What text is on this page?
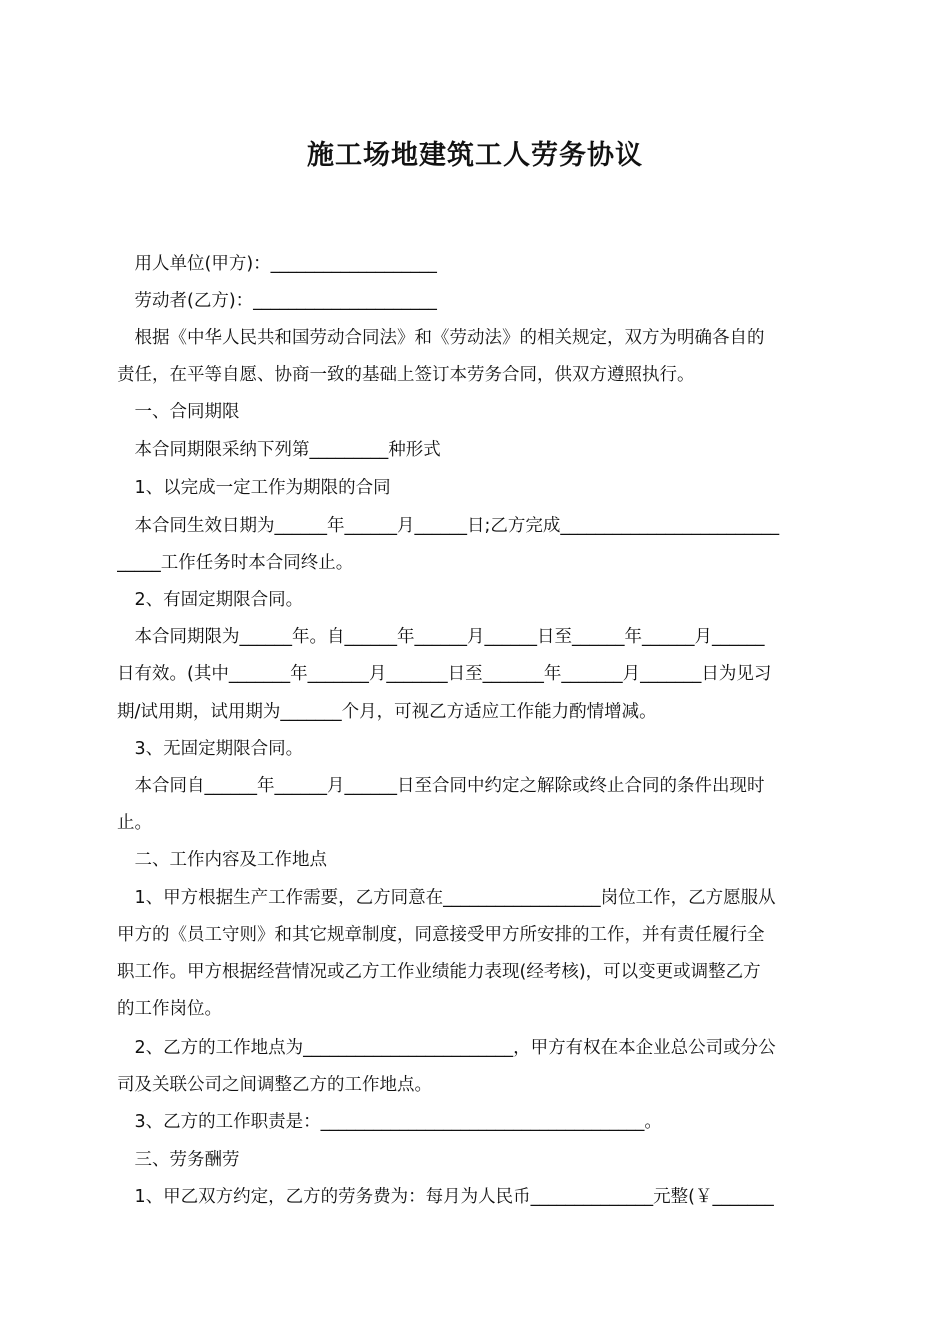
施工场地建筑工人劳务协议
　用人单位(甲方)：___________________
　劳动者(乙方)：_____________________
　根据《中华人民共和国劳动合同法》和《劳动法》的相关规定，双方为明确各自的
责任，在平等自愿、协商一致的基础上签订本劳务合同，供双方遵照执行。
　一、合同期限
　本合同期限采纳下列第_________种形式
　1、以完成一定工作为期限的合同
　本合同生效日期为______年______月______日;乙方完成_________________________
_____工作任务时本合同终止。
　2、有固定期限合同。
　本合同期限为______年。自______年______月______日至______年______月______
日有效。(其中_______年_______月_______日至_______年_______月_______日为见习
期/试用期，试用期为_______个月，可视乙方适应工作能力酌情增减。
　3、无固定期限合同。
　本合同自______年______月______日至合同中约定之解除或终止合同的条件出现时
止。
　二、工作内容及工作地点
　1、甲方根据生产工作需要，乙方同意在__________________岗位工作，乙方愿服从
甲方的《员工守则》和其它规章制度，同意接受甲方所安排的工作，并有责任履行全
职工作。甲方根据经营情况或乙方工作业绩能力表现(经考核)，可以变更或调整乙方
的工作岗位。
　2、乙方的工作地点为________________________，甲方有权在本企业总公司或分公
司及关联公司之间调整乙方的工作地点。
　3、乙方的工作职责是：_____________________________________。
　三、劳务酬劳
　1、甲乙双方约定，乙方的劳务费为：每月为人民币______________元整(￥_______
